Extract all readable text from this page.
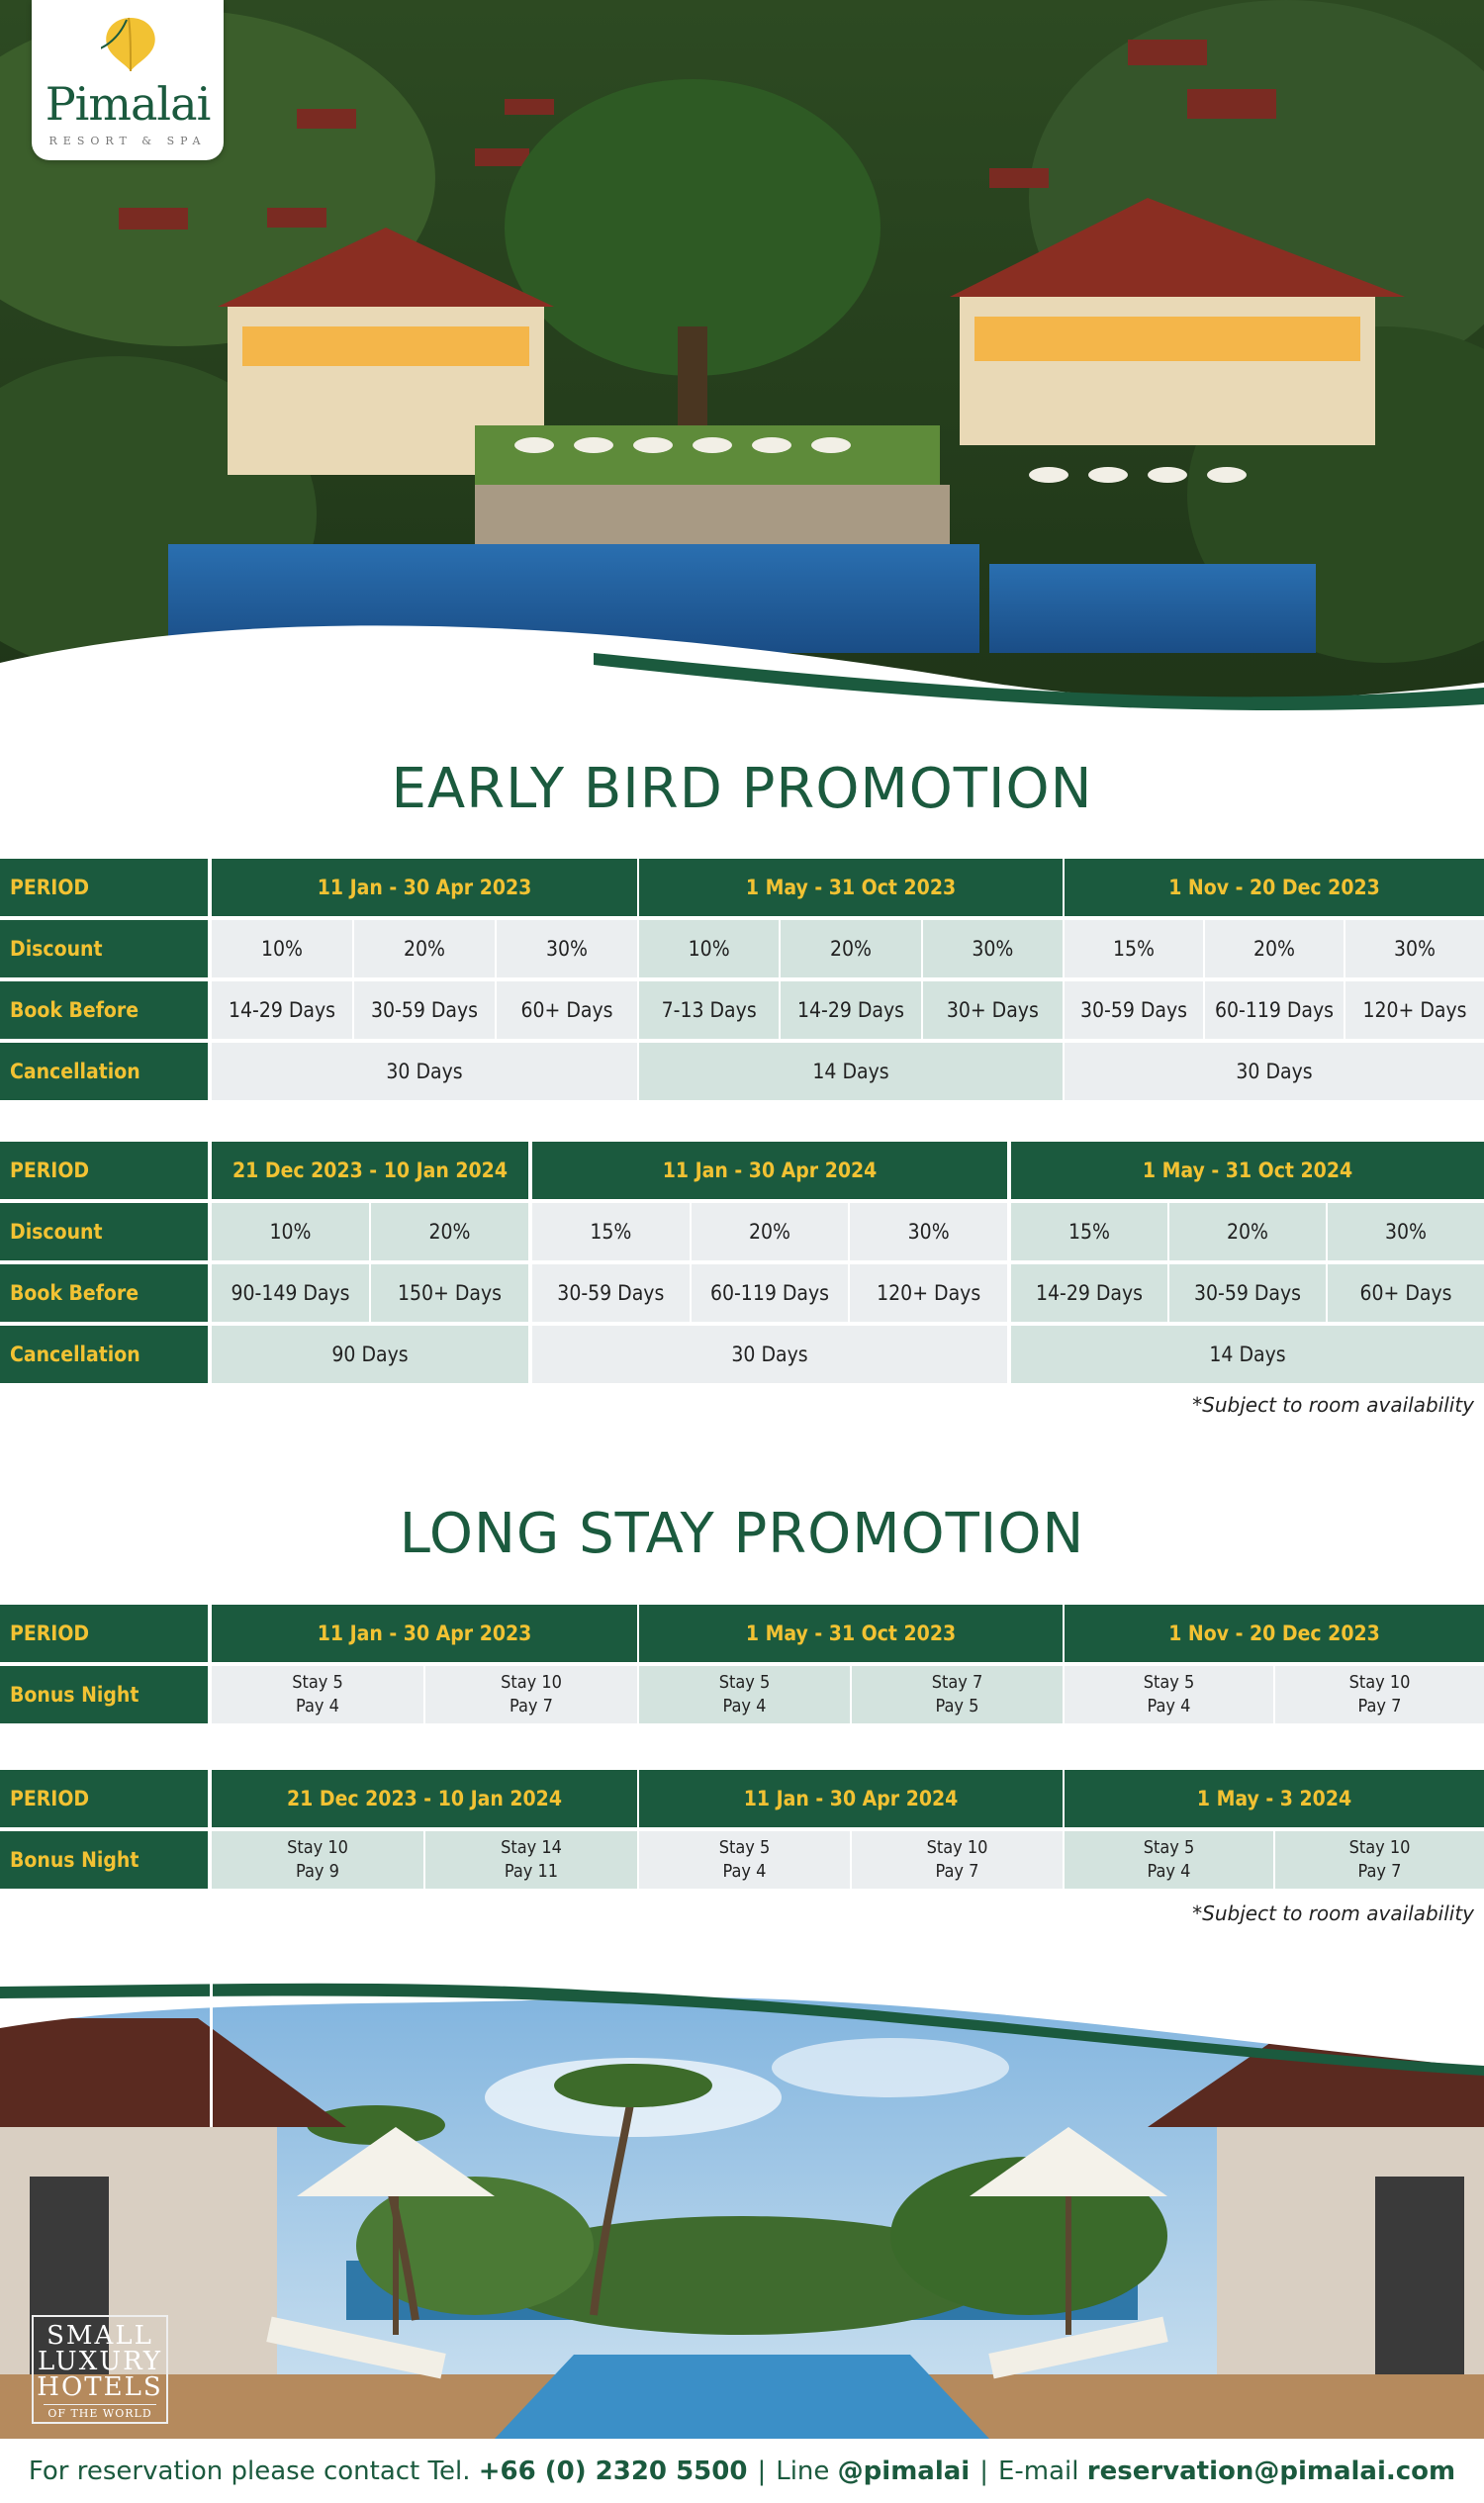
Pimalai
RESORT & SPA
EARLY BIRD PROMOTION
PERIOD
Discount
Book Before
Cancellation
11 Jan - 30 Apr 2023
10%
14-29 Days
20%
30-59 Days
30%
60+ Days
30 Days
1 May - 31 Oct 2023
10%
7-13 Days
20%
14-29 Days
30%
30+ Days
14 Days
1 Nov - 20 Dec 2023
15%
30-59 Days
20%
60-119 Days
30%
120+ Days
30 Days
PERIOD
Discount
Book Before
Cancellation
21 Dec 2023 - 10 Jan 2024
10%
90-149 Days
20%
150+ Days
90 Days
11 Jan - 30 Apr 2024
15%
30-59 Days
20%
60-119 Days
30%
120+ Days
30 Days
1 May - 31 Oct 2024
15%
14-29 Days
20%
30-59 Days
30%
60+ Days
14 Days
*Subject to room availability
LONG STAY PROMOTION
PERIOD
Bonus Night
11 Jan - 30 Apr 2023
Stay 5
Pay 4
Stay 10
Pay 7
1 May - 31 Oct 2023
Stay 5
Pay 4
Stay 7
Pay 5
1 Nov - 20 Dec 2023
Stay 5
Pay 4
Stay 10
Pay 7
PERIOD
Bonus Night
21 Dec 2023 - 10 Jan 2024
Stay 10
Pay 9
Stay 14
Pay 11
11 Jan - 30 Apr 2024
Stay 5
Pay 4
Stay 10
Pay 7
1 May - 3 2024
Stay 5
Pay 4
Stay 10
Pay 7
*Subject to room availability
SMALL
LUXURY
HOTELS
OF THE WORLD
For reservation please contact Tel.
+66 (0) 2320 5500 | Line
@pimalai | E-mail
reservation@pimalai.com
